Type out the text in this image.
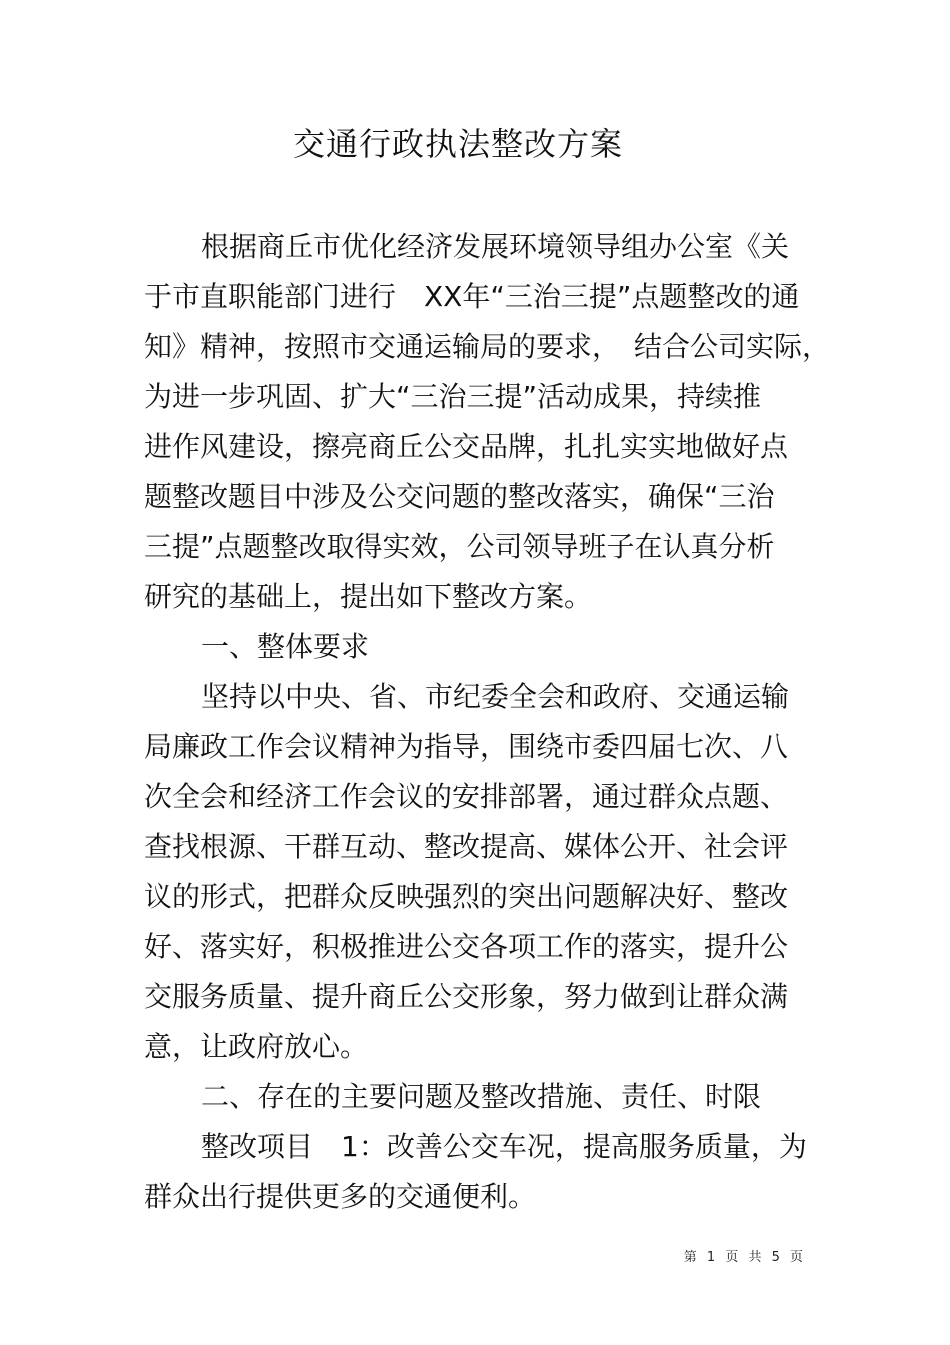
交通行政执法整改方案
根据商丘市优化经济发展环境领导组办公室《关
于市直职能部门进行　XX年“三治三提”点题整改的通
知》精神，按照市交通运输局的要求，　结合公司实际，
为进一步巩固、扩大“三治三提”活动成果，持续推
进作风建设，擦亮商丘公交品牌，扎扎实实地做好点
题整改题目中涉及公交问题的整改落实，确保“三治
三提”点题整改取得实效，公司领导班子在认真分析
研究的基础上，提出如下整改方案。
一、整体要求
坚持以中央、省、市纪委全会和政府、交通运输
局廉政工作会议精神为指导，围绕市委四届七次、八
次全会和经济工作会议的安排部署，通过群众点题、
查找根源、干群互动、整改提高、媒体公开、社会评
议的形式，把群众反映强烈的突出问题解决好、整改
好、落实好，积极推进公交各项工作的落实，提升公
交服务质量、提升商丘公交形象，努力做到让群众满
意，让政府放心。
二、存在的主要问题及整改措施、责任、时限
整改项目　1：改善公交车况，提高服务质量，为
群众出行提供更多的交通便利。
第 1 页 共 5 页
